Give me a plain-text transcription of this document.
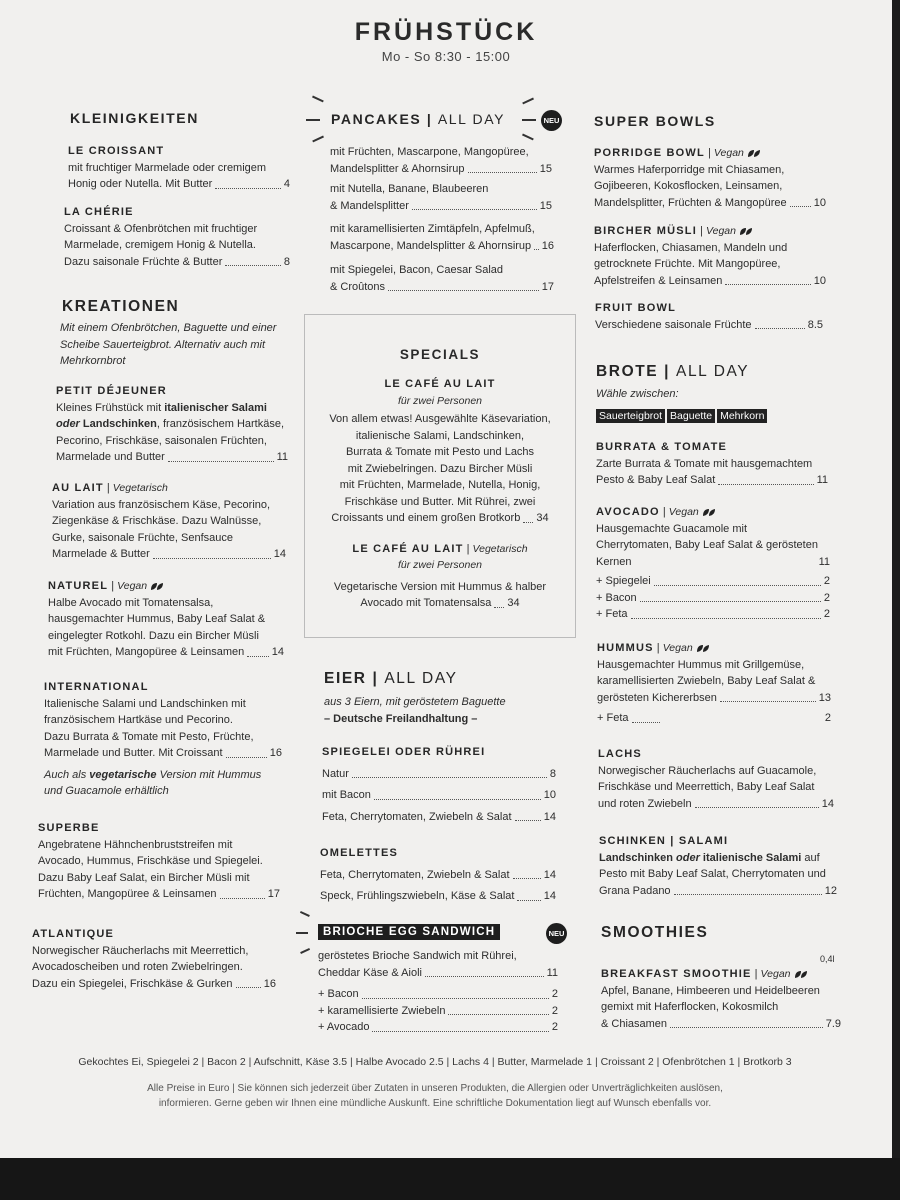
FRÜHSTÜCK
Mo - So 8:30 - 15:00
KLEINIGKEITEN
LE CROISSANT

mit fruchtiger Marmelade oder cremigem

Honig oder Nutella. Mit Butter	4
LA CHÉRIE

Croissant & Ofenbrötchen mit fruchtiger

Marmelade, cremigem Honig & Nutella.

Dazu saisonale Früchte & Butter	8
KREATIONEN

Mit einem Ofenbrötchen, Baguette und einer

Scheibe Sauerteigbrot. Alternativ auch mit

Mehrkornbrot

PETIT DÉJEUNER

Kleines Frühstück mit italienischer Salami

oder Landschinken, französischem Hartkäse,

Pecorino, Frischkäse, saisonalen Früchten,

Marmelade und Butter	11
AU LAIT | Vegetarisch

Variation aus französischem Käse, Pecorino,

Ziegenkäse & Frischkäse. Dazu Walnüsse,

Gurke, saisonale Früchte, Senfsauce

Marmelade & Butter	14
NATUREL | Vegan

Halbe Avocado mit Tomatensalsa,

hausgemachter Hummus, Baby Leaf Salat &

eingelegter Rotkohl. Dazu ein Bircher Müsli

mit Früchten, Mangopüree & Leinsamen 14
INTERNATIONAL

Italienische Salami und Landschinken mit

französischem Hartkäse und Pecorino.

Dazu Burrata & Tomate mit Pesto, Früchte,

Marmelade und Butter. Mit Croissant	16

Auch als vegetarische Version mit Hummus

und Guacamole erhältlich

SUPERBE

Angebratene Hähnchenbruststreifen mit

Avocado, Hummus, Frischkäse und Spiegelei.

Dazu Baby Leaf Salat, ein Bircher Müsli mit

Früchten, Mangopüree & Leinsamen	17
ATLANTIQUE

Norwegischer Räucherlachs mit Meerrettich,

Avocadoscheiben und roten Zwiebelringen.

Dazu ein Spiegelei, Frischkäse & Gurken	16
PANCAKES | ALL DAY	NEU

mit Früchten, Mascarpone, Mangopüree,

Mandelsplitter & Ahornsirup	15

mit Nutella, Banane, Blaubeeren

& Mandelsplitter	15

mit karamellisierten Zimtäpfeln, Apfelmuß,

Mascarpone, Mandelsplitter & Ahornsirup 16

mit Spiegelei, Bacon, Caesar Salad

& Croûtons	17
SPECIALS
LE CAFÉ AU LAIT

für zwei Personen

Von allem etwas! Ausgewählte Käsevariation,

italienische Salami, Landschinken,

Burrata & Tomate mit Pesto und Lachs

mit Zwiebelringen. Dazu Bircher Müsli

mit Früchten, Marmelade, Nutella, Honig,

Frischkäse und Butter. Mit Rührei, zwei

Croissants und einem großen Brotkorb 34
LE CAFÉ AU LAIT | Vegetarisch

für zwei Personen

Vegetarische Version mit Hummus & halber

Avocado mit Tomatensalsa 34
EIER | ALL DAY

aus 3 Eiern, mit geröstetem Baguette

– Deutsche Freilandhaltung –

SPIEGELEI ODER RÜHREI
Natur	8
mit Bacon	10
Feta, Cherrytomaten, Zwiebeln & Salat	14
OMELETTES
Feta, Cherrytomaten, Zwiebeln & Salat	14
Speck, Frühlingszwiebeln, Käse & Salat	14
BRIOCHE EGG SANDWICH	NEU

geröstetes Brioche Sandwich mit Rührei,

Cheddar Käse & Aioli	11
+ Bacon	2
+ karamellisierte Zwiebeln	2
+ Avocado	2
SUPER BOWLS
PORRIDGE BOWL | Vegan

Warmes Haferporridge mit Chiasamen,

Gojibeeren, Kokosflocken, Leinsamen,

Mandelsplitter, Früchten & Mangopüree 10
BIRCHER MÜSLI | Vegan

Haferflocken, Chiasamen, Mandeln und

getrocknete Früchte. Mit Mangopüree,

Apfelstreifen & Leinsamen	10
FRUIT BOWL
Verschiedene saisonale Früchte	8.5
BROTE | ALL DAY
Wähle zwischen:
Sauerteigbrot Baguette Mehrkorn
BURRATA & TOMATE

Zarte Burrata & Tomate mit hausgemachtem

Pesto & Baby Leaf Salat	11
AVOCADO | Vegan

Hausgemachte Guacamole mit

Cherrytomaten, Baby Leaf Salat & gerösteten

Kernen	11
+ Spiegelei	2
+ Bacon	2
+ Feta	2
HUMMUS | Vegan

Hausgemachter Hummus mit Grillgemüse,

karamellisierten Zwiebeln, Baby Leaf Salat &

gerösteten Kichererbsen	13
+ Feta	2
LACHS

Norwegischer Räucherlachs auf Guacamole,

Frischkäse und Meerrettich, Baby Leaf Salat

und roten Zwiebeln	14
SCHINKEN | SALAMI

Landschinken oder italienische Salami auf

Pesto mit Baby Leaf Salat, Cherrytomaten und

Grana Padano	12
SMOOTHIES
0,4l
BREAKFAST SMOOTHIE | Vegan

Apfel, Banane, Himbeeren und Heidelbeeren

gemixt mit Haferflocken, Kokosmilch

& Chiasamen	7.9
Gekochtes Ei, Spiegelei 2 | Bacon 2 | Aufschnitt, Käse 3.5 | Halbe Avocado 2.5 | Lachs 4 | Butter, Marmelade 1 | Croissant 2 | Ofenbrötchen 1 | Brotkorb 3
Alle Preise in Euro | Sie können sich jederzeit über Zutaten in unseren Produkten, die Allergien oder Unverträglichkeiten auslösen,
informieren. Gerne geben wir Ihnen eine mündliche Auskunft. Eine schriftliche Dokumentation liegt auf Wunsch ebenfalls vor.
